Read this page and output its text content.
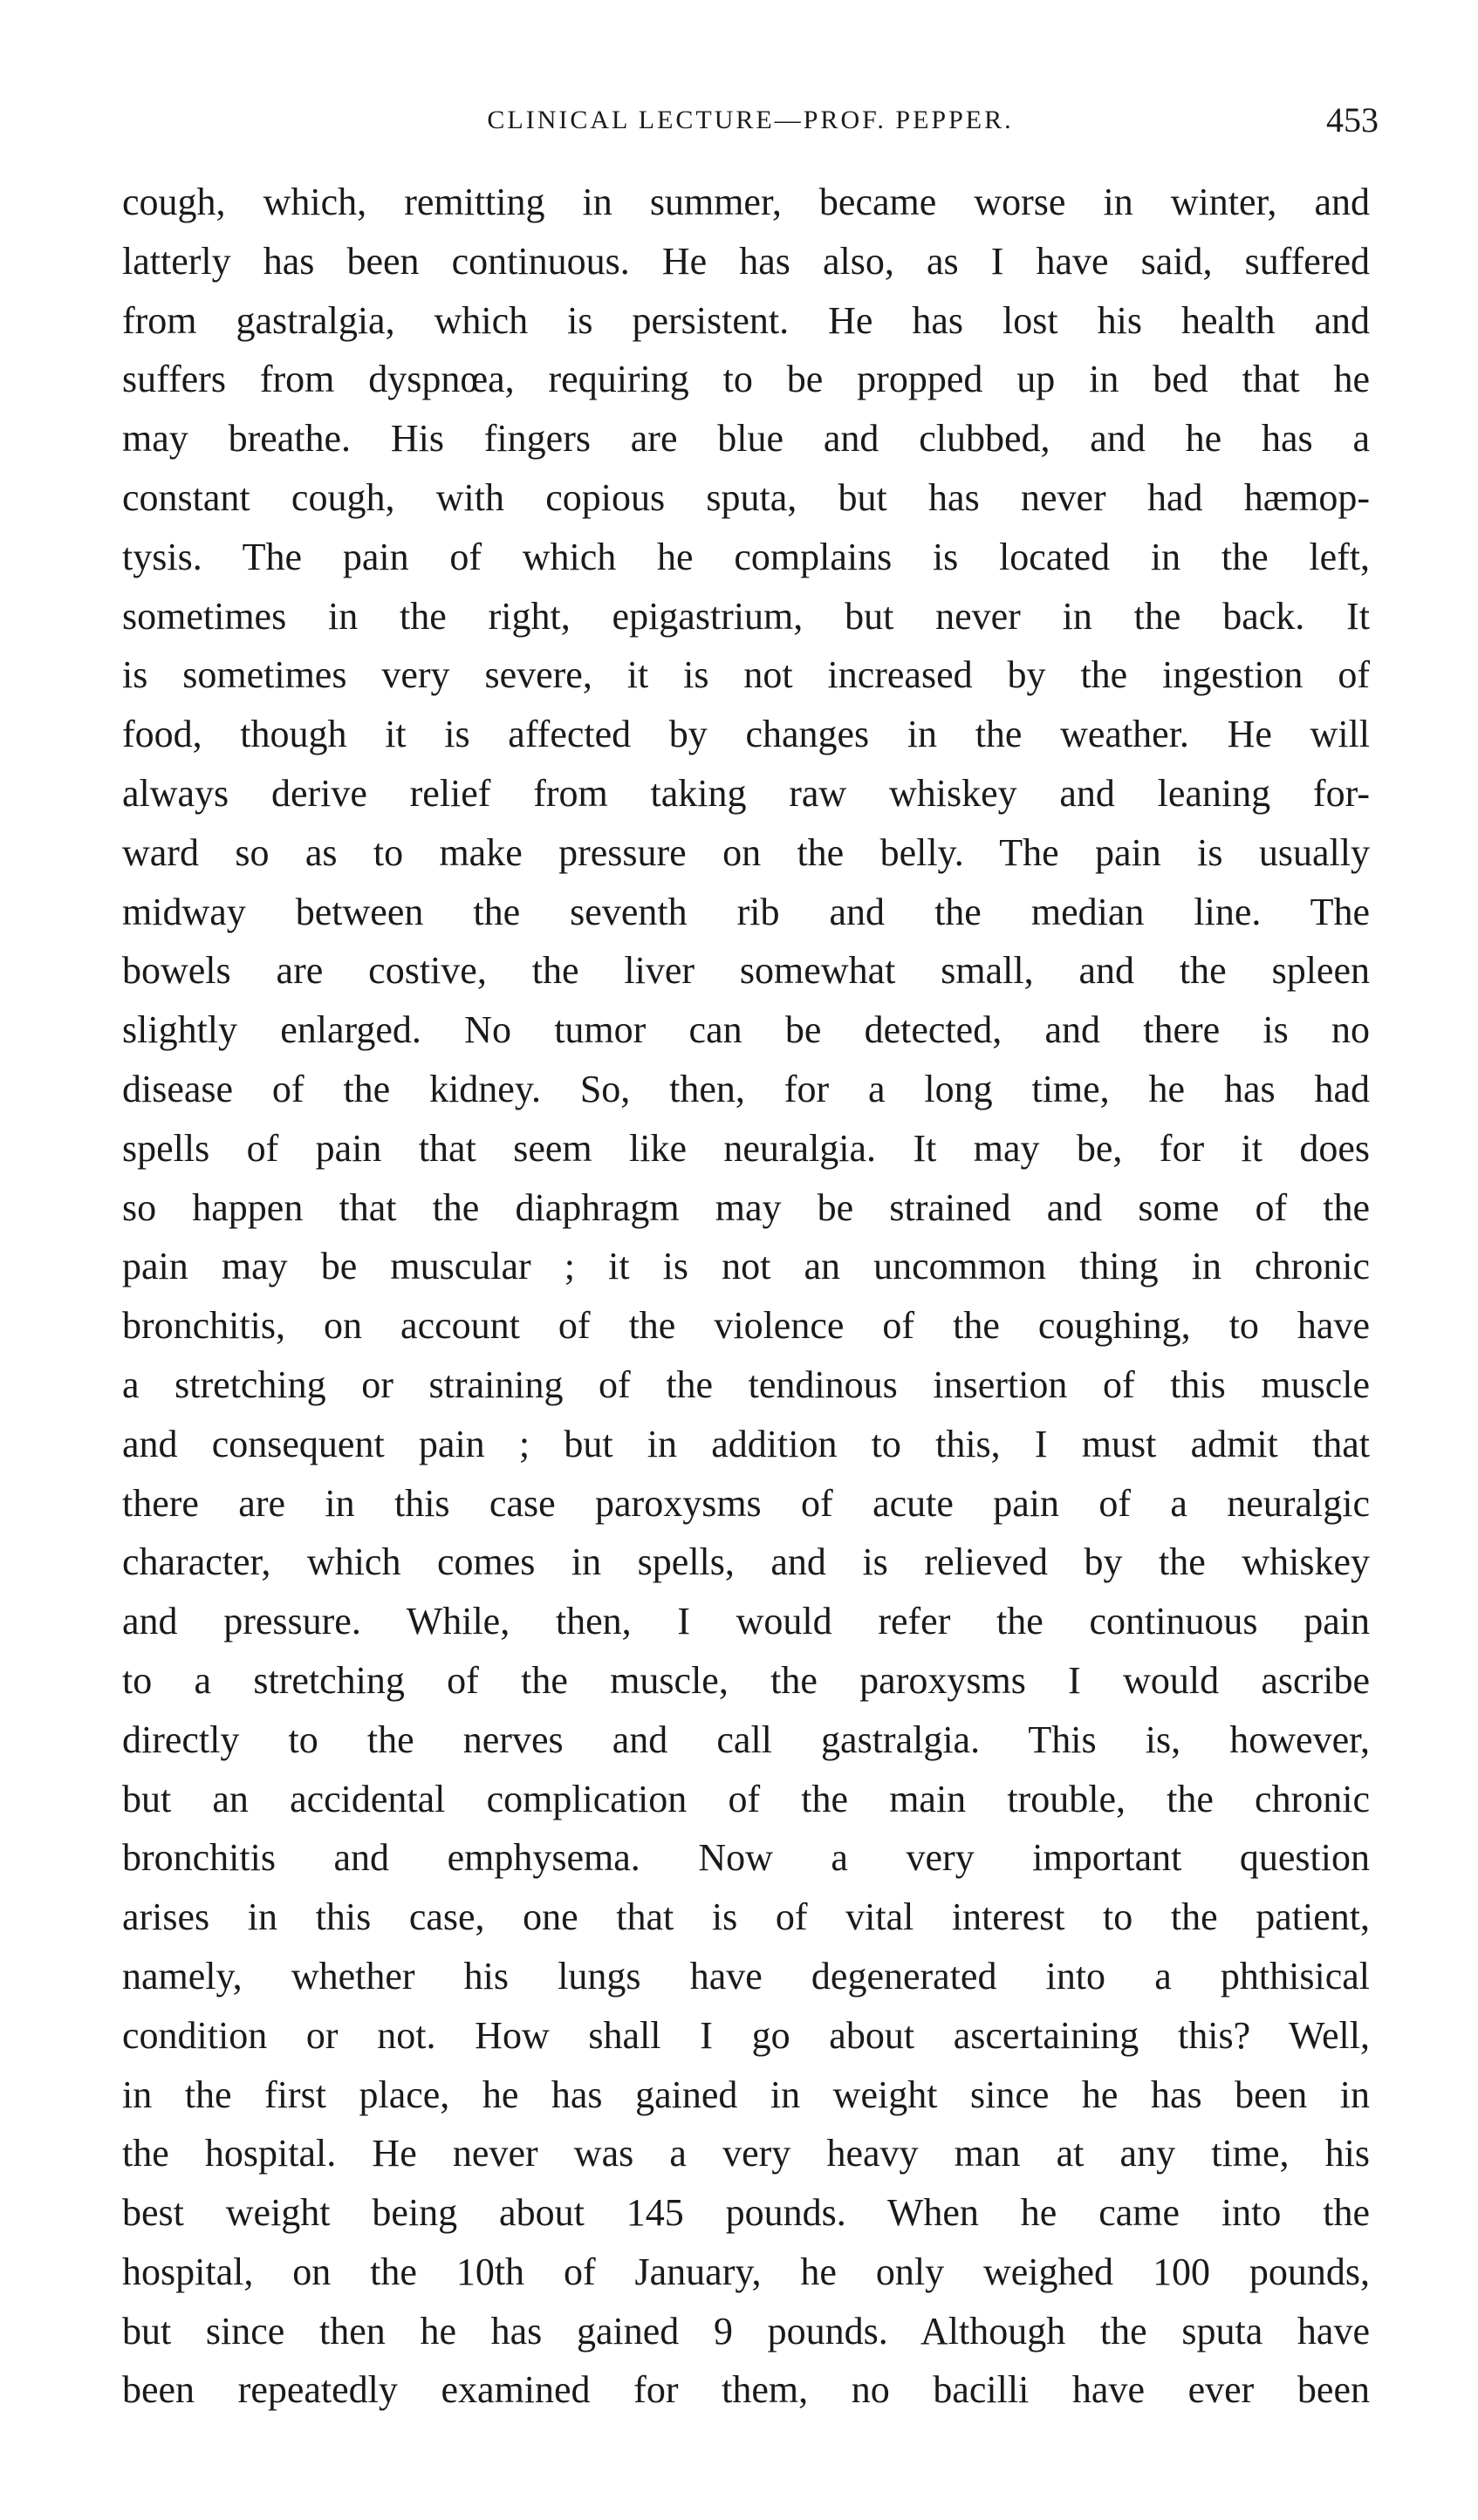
CLINICAL LECTURE—PROF. PEPPER.	453
cough, which, remitting in summer, became worse in winter, and
latterly has been continuous. He has also, as I have said, suffered
from gastralgia, which is persistent. He has lost his health and
suffers from dyspnœa, requiring to be propped up in bed that he
may breathe. His fingers are blue and clubbed, and he has a
constant cough, with copious sputa, but has never had hæmop-
tysis. The pain of which he complains is located in the left,
sometimes in the right, epigastrium, but never in the back. It
is sometimes very severe, it is not increased by the ingestion of
food, though it is affected by changes in the weather. He will
always derive relief from taking raw whiskey and leaning for-
ward so as to make pressure on the belly. The pain is usually
midway between the seventh rib and the median line. The
bowels are costive, the liver somewhat small, and the spleen
slightly enlarged. No tumor can be detected, and there is no
disease of the kidney. So, then, for a long time, he has had
spells of pain that seem like neuralgia. It may be, for it does
so happen that the diaphragm may be strained and some of the
pain may be muscular ; it is not an uncommon thing in chronic
bronchitis, on account of the violence of the coughing, to have
a stretching or straining of the tendinous insertion of this muscle
and consequent pain ; but in addition to this, I must admit that
there are in this case paroxysms of acute pain of a neuralgic
character, which comes in spells, and is relieved by the whiskey
and pressure. While, then, I would refer the continuous pain
to a stretching of the muscle, the paroxysms I would ascribe
directly to the nerves and call gastralgia. This is, however,
but an accidental complication of the main trouble, the chronic
bronchitis and emphysema. Now a very important question
arises in this case, one that is of vital interest to the patient,
namely, whether his lungs have degenerated into a phthisical
condition or not. How shall I go about ascertaining this? Well,
in the first place, he has gained in weight since he has been in
the hospital. He never was a very heavy man at any time, his
best weight being about 145 pounds. When he came into the
hospital, on the 10th of January, he only weighed 100 pounds,
but since then he has gained 9 pounds. Although the sputa have
been repeatedly examined for them, no bacilli have ever been
